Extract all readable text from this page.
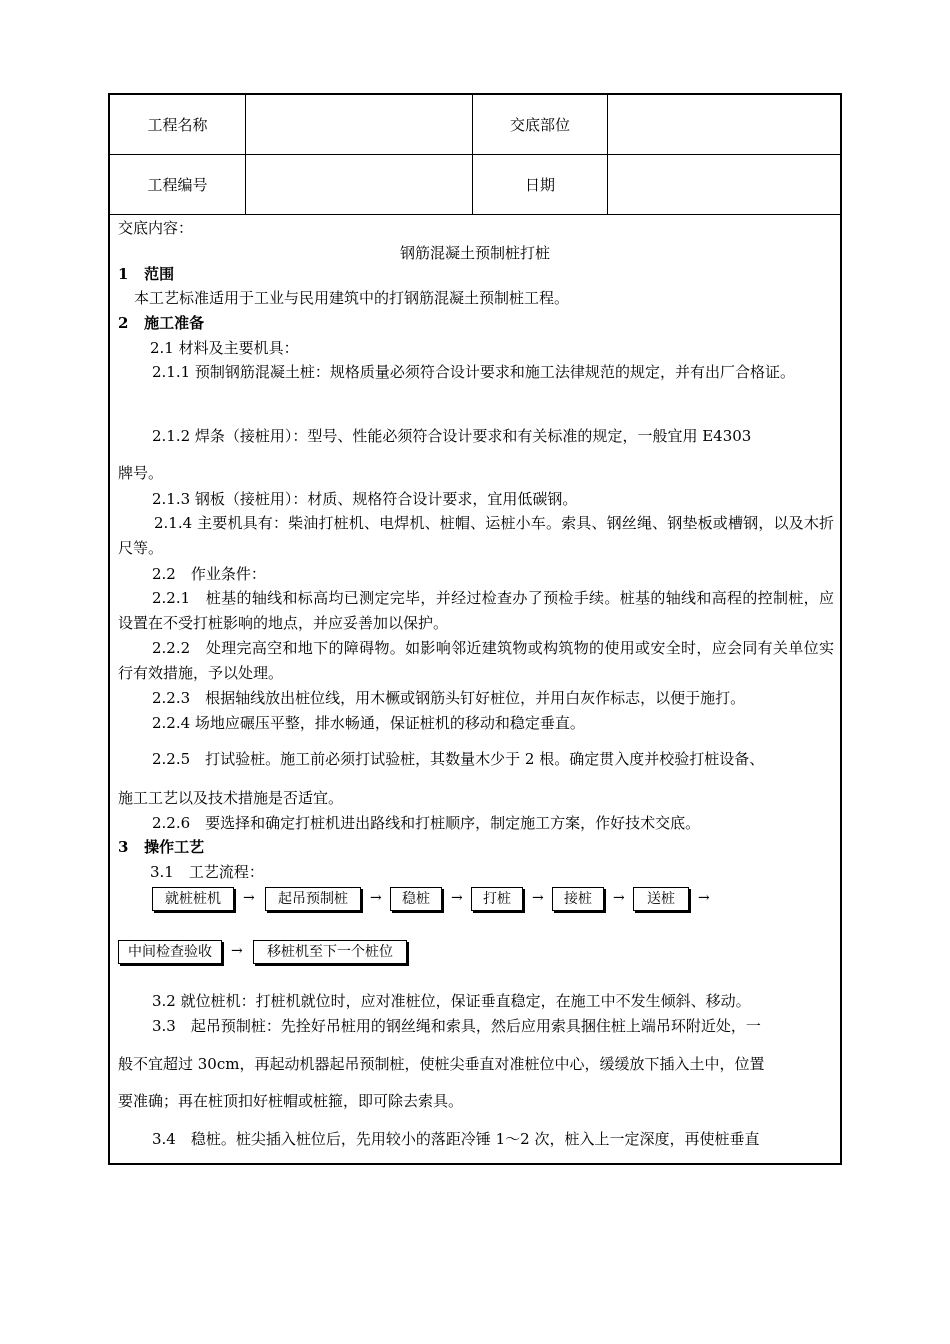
工程名称	交底部位
工程编号	日期
交底内容：
钢筋混凝土预制桩打桩
1 范围
本工艺标准适用于工业与民用建筑中的打钢筋混凝土预制桩工程。
2 施工准备
2.1 材料及主要机具：
2.1.1 预制钢筋混凝土桩：规格质量必须符合设计要求和施工法律规范的规定，并有出厂合格证。
2.1.2 焊条（接桩用）：型号、性能必须符合设计要求和有关标准的规定，一般宜用 E4303
牌号。
2.1.3 钢板（接桩用）：材质、规格符合设计要求，宜用低碳钢。
2.1.4 主要机具有：柴油打桩机、电焊机、桩帽、运桩小车。索具、钢丝绳、钢垫板或槽钢，以及木折尺等。
2.2　作业条件：
2.2.1　桩基的轴线和标高均已测定完毕，并经过检查办了预检手续。桩基的轴线和高程的控制桩，应设置在不受打桩影响的地点，并应妥善加以保护。
2.2.2　处理完高空和地下的障碍物。如影响邻近建筑物或构筑物的使用或安全时，应会同有关单位实行有效措施，予以处理。
2.2.3　根据轴线放出桩位线，用木橛或钢筋头钉好桩位，并用白灰作标志，以便于施打。
2.2.4 场地应碾压平整，排水畅通，保证桩机的移动和稳定垂直。
2.2.5　打试验桩。施工前必须打试验桩，其数量木少于 2 根。确定贯入度并校验打桩设备、
施工工艺以及技术措施是否适宜。
2.2.6　要选择和确定打桩机进出路线和打桩顺序，制定施工方案，作好技术交底。
3 操作工艺
3.1　工艺流程：
就桩桩机	→	起吊预制桩	→	稳桩	→	打桩	→	接桩	→	送桩	→
中间检查验收	→	移桩机至下一个桩位
3.2 就位桩机：打桩机就位时，应对准桩位，保证垂直稳定，在施工中不发生倾斜、移动。
3.3　起吊预制桩：先拴好吊桩用的钢丝绳和索具，然后应用索具捆住桩上端吊环附近处，一
般不宜超过 30cm，再起动机器起吊预制桩，使桩尖垂直对准桩位中心，缓缓放下插入土中，位置
要准确；再在桩顶扣好桩帽或桩箍，即可除去索具。
3.4　稳桩。桩尖插入桩位后，先用较小的落距冷锤 1～2 次，桩入上一定深度，再使桩垂直
